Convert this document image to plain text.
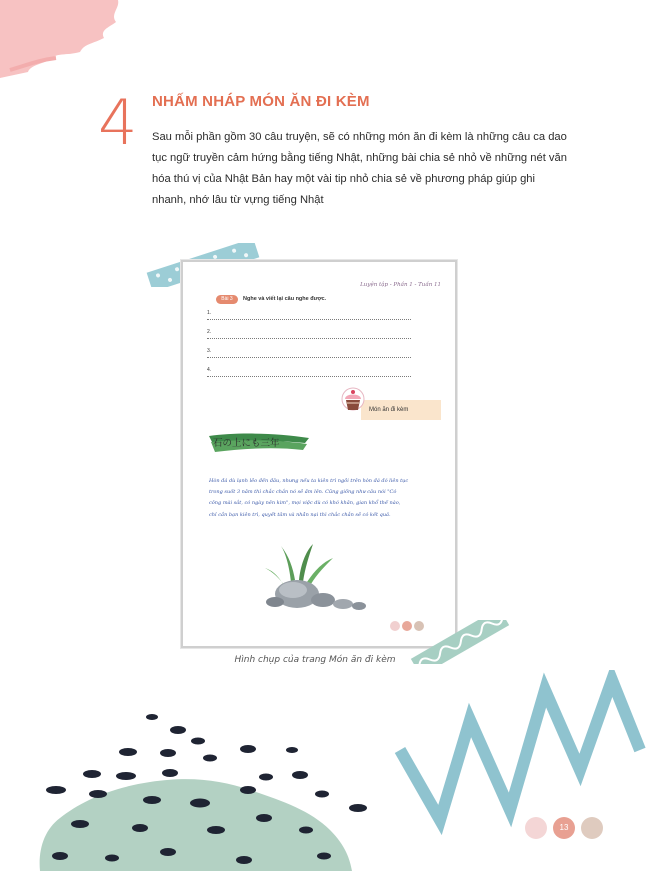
4 NHẤM NHÁP MÓN ĂN ĐI KÈM
Sau mỗi phần gồm 30 câu truyện, sẽ có những món ăn đi kèm là những câu ca dao tục ngữ truyền cảm hứng bằng tiếng Nhật, những bài chia sẻ nhỏ về những nét văn hóa thú vị của Nhật Bản hay một vài tip nhỏ chia sẻ về phương pháp giúp ghi nhanh, nhớ lâu từ vựng tiếng Nhật
Luyện tập - Phần 1 - Tuần 11
Bài 3	Nghe và viết lại câu nghe được.
1.
2.
3.
4.
Món ăn đi kèm
石の上にも三年
Hòn đá dù lạnh lẽo đến đâu, nhưng nếu ta kiên trì ngồi trên hòn đá đó liên tục trong suốt 3 năm thì chắc chắn nó sẽ ấm lên. Cũng giống như câu nói "Có công mài sắt, có ngày nên kim", mọi việc dù có khó khăn, gian khổ thế nào, chỉ cần bạn kiên trì, quyết tâm và nhẫn nại thì chắc chắn sẽ có kết quả.
Hình chụp của trang Món ăn đi kèm
13
